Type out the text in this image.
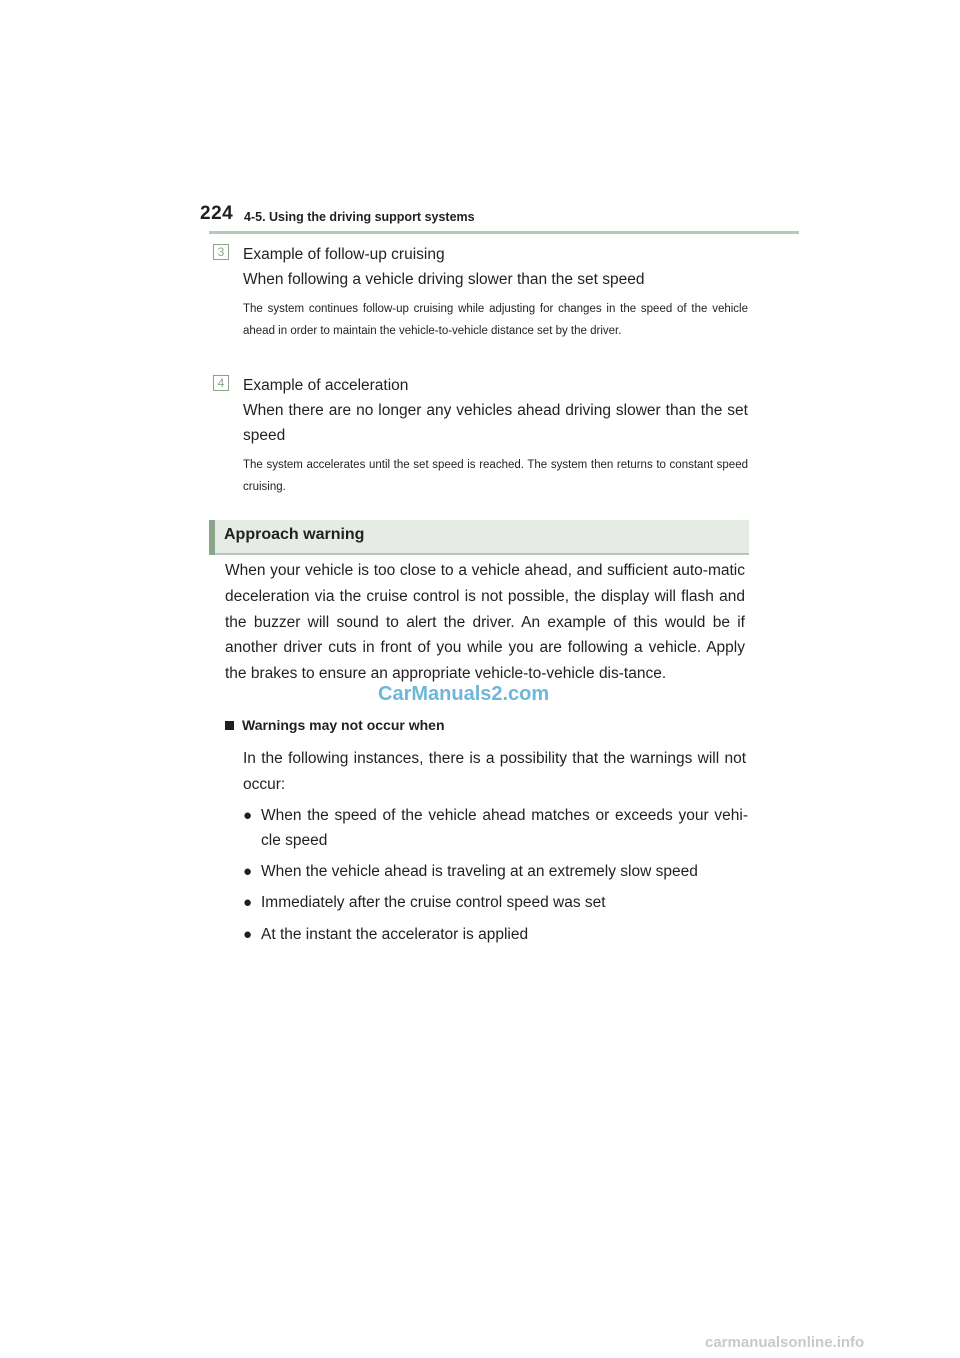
224 4-5. Using the driving support systems
3	Example of follow-up cruising
When following a vehicle driving slower than the set speed
The system continues follow-up cruising while adjusting for changes in the speed of the vehicle ahead in order to maintain the vehicle-to-vehicle distance set by the driver.
4	Example of acceleration
When there are no longer any vehicles ahead driving slower than the set speed
The system accelerates until the set speed is reached. The system then returns to constant speed cruising.
Approach warning
When your vehicle is too close to a vehicle ahead, and sufficient auto-matic deceleration via the cruise control is not possible, the display will flash and the buzzer will sound to alert the driver. An example of this would be if another driver cuts in front of you while you are following a vehicle. Apply the brakes to ensure an appropriate vehicle-to-vehicle dis-tance.
CarManuals2.com
Warnings may not occur when
In the following instances, there is a possibility that the warnings will not occur:
● When the speed of the vehicle ahead matches or exceeds your vehi-cle speed
● When the vehicle ahead is traveling at an extremely slow speed
● Immediately after the cruise control speed was set
● At the instant the accelerator is applied
carmanualsonline.info
